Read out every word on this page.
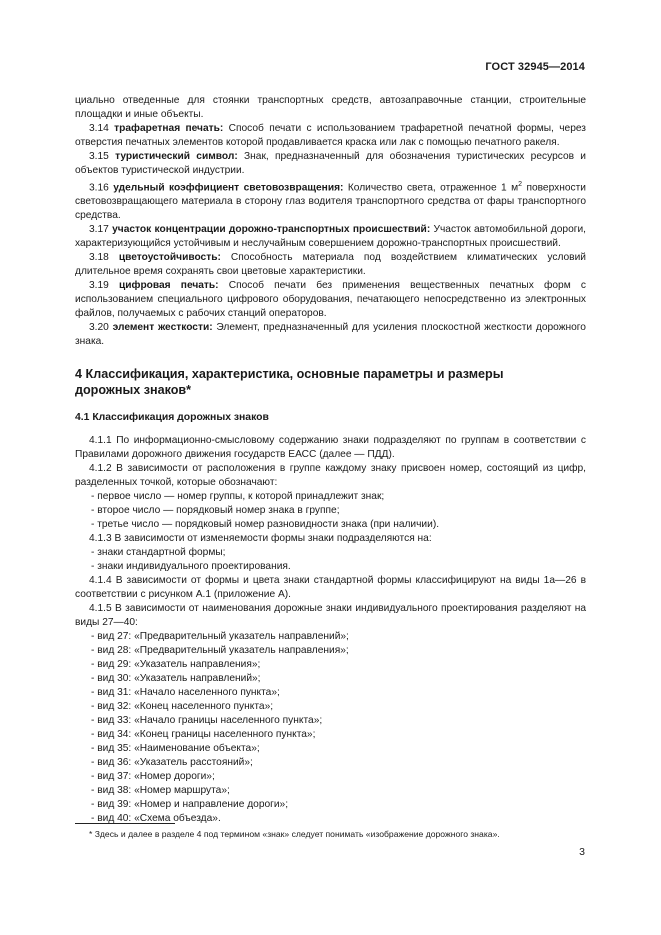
ГОСТ 32945—2014

циально отведенные для стоянки транспортных средств, автозаправочные станции, строительные площадки и иные объекты.

3.14 трафаретная печать: Способ печати с использованием трафаретной печатной формы, через отверстия печатных элементов которой продавливается краска или лак с помощью печатного ракеля.

3.15 туристический символ: Знак, предназначенный для обозначения туристических ресурсов и объектов туристической индустрии.

3.16 удельный коэффициент световозвращения: Количество света, отраженное 1 $м^2$ поверхности световозвращающего материала в сторону глаз водителя транспортного средства от фары транспортного средства.

3.17 участок концентрации дорожно-транспортных происшествий: Участок автомобильной дороги, характеризующийся устойчивым и неслучайным совершением дорожно-транспортных происшествий.

3.18 цветоустойчивость: Способность материала под воздействием климатических условий длительное время сохранять свои цветовые характеристики.

3.19 цифровая печать: Способ печати без применения вещественных печатных форм с использованием специального цифрового оборудования, печатающего непосредственно из электронных файлов, получаемых с рабочих станций операторов.

3.20 элемент жесткости: Элемент, предназначенный для усиления плоскостной жесткости дорожного знака.

4 Классификация, характеристика, основные параметры и размеры дорожных знаков*
4.1 Классификация дорожных знаков

4.1.1 По информационно-смысловому содержанию знаки подразделяют по группам в соответствии с Правилами дорожного движения государств ЕАСС (далее — ПДД).

4.1.2 В зависимости от расположения в группе каждому знаку присвоен номер, состоящий из цифр, разделенных точкой, которые обозначают:

- первое число — номер группы, к которой принадлежит знак;
- второе число — порядковый номер знака в группе;
- третье число — порядковый номер разновидности знака (при наличии).

4.1.3 В зависимости от изменяемости формы знаки подразделяются на:

- знаки стандартной формы;
- знаки индивидуального проектирования.

4.1.4 В зависимости от формы и цвета знаки стандартной формы классифицируют на виды 1а—26 в соответствии с рисунком А.1 (приложение А).

4.1.5 В зависимости от наименования дорожные знаки индивидуального проектирования разделяют на виды 27—40:

- вид 27: «Предварительный указатель направлений»;
- вид 28: «Предварительный указатель направления»;
- вид 29: «Указатель направления»;
- вид 30: «Указатель направлений»;
- вид 31: «Начало населенного пункта»;
- вид 32: «Конец населенного пункта»;
- вид 33: «Начало границы населенного пункта»;
- вид 34: «Конец границы населенного пункта»;
- вид 35: «Наименование объекта»;
- вид 36: «Указатель расстояний»;
- вид 37: «Номер дороги»;
- вид 38: «Номер маршрута»;
- вид 39: «Номер и направление дороги»;
- вид 40: «Схема объезда».
* Здесь и далее в разделе 4 под термином «знак» следует понимать «изображение дорожного знака».
3
